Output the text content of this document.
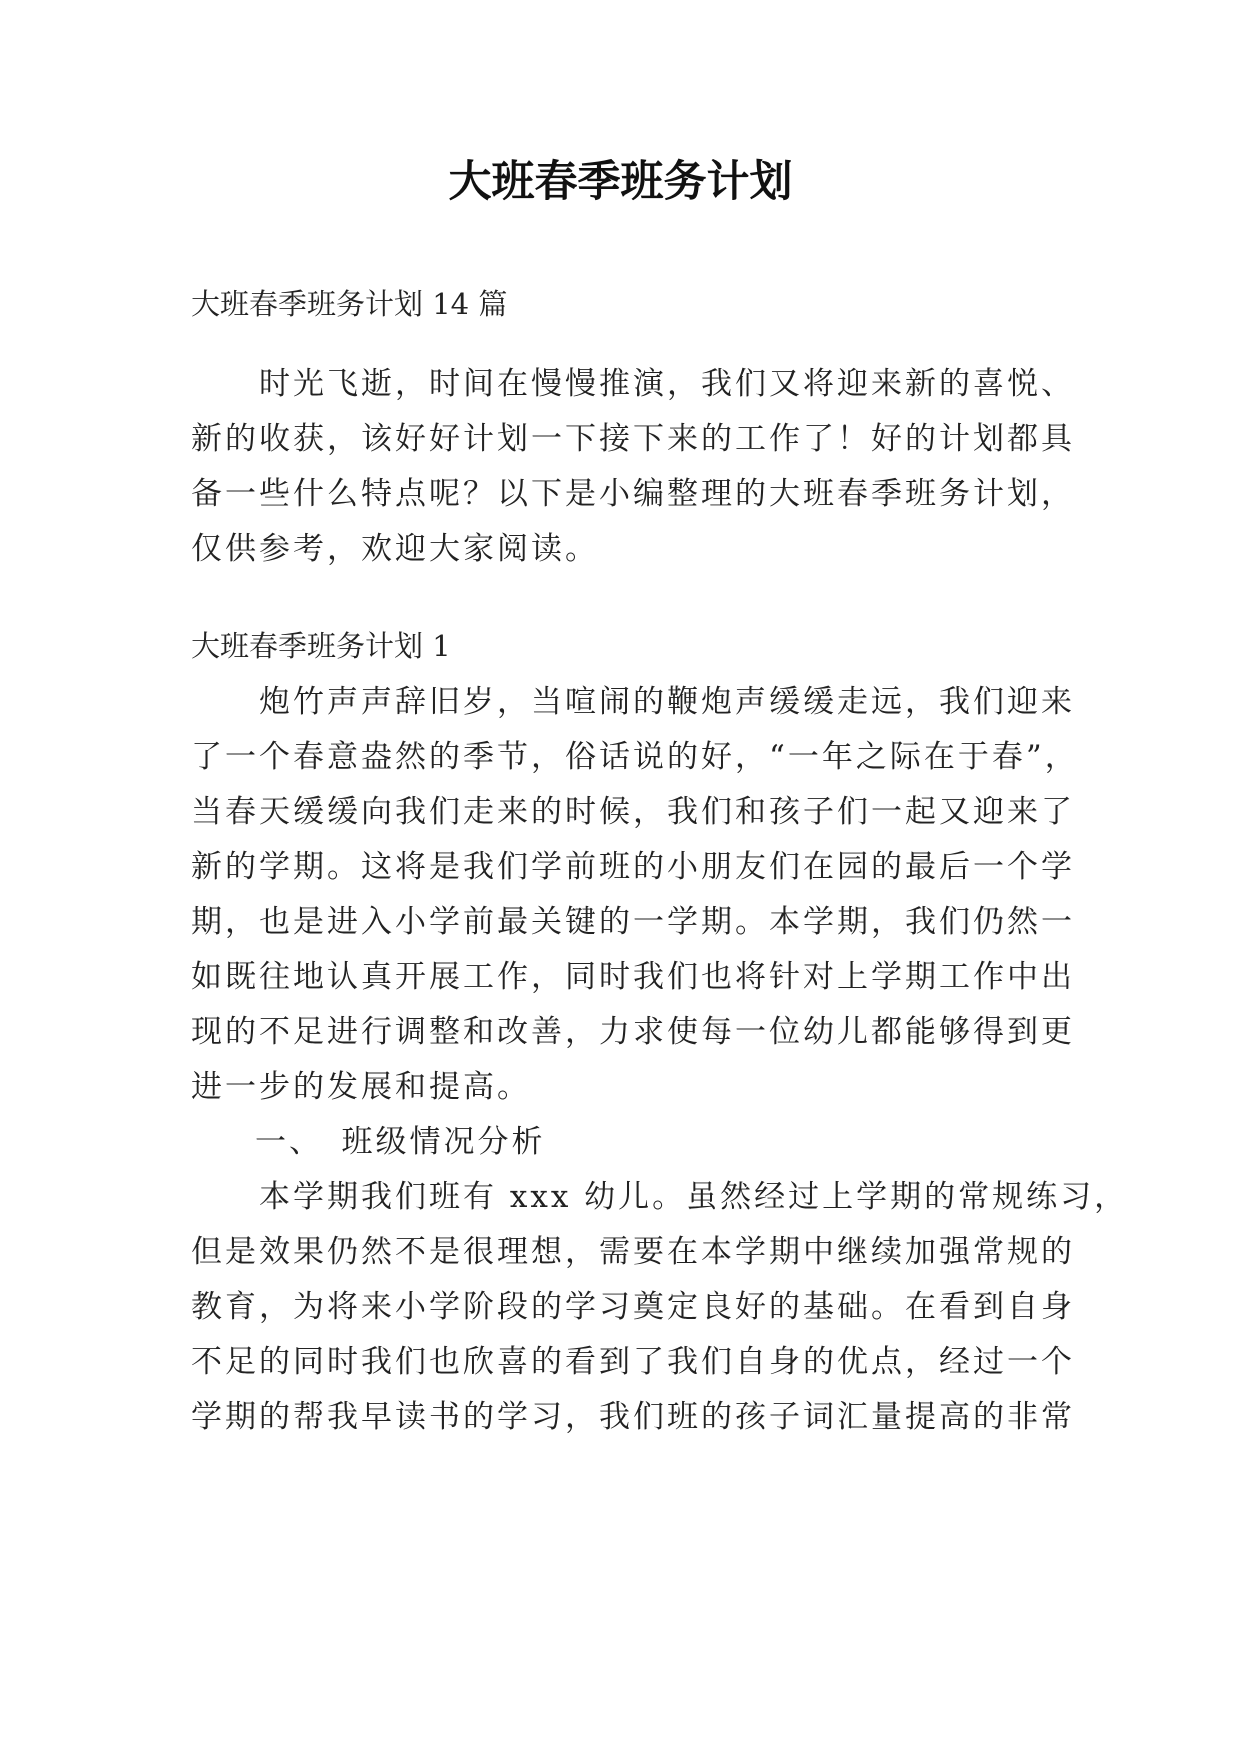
大班春季班务计划
大班春季班务计划 14 篇
　　时光飞逝，时间在慢慢推演，我们又将迎来新的喜悦、
新的收获，该好好计划一下接下来的工作了！好的计划都具
备一些什么特点呢？以下是小编整理的大班春季班务计划，
仅供参考，欢迎大家阅读。
大班春季班务计划 1
　　炮竹声声辞旧岁，当喧闹的鞭炮声缓缓走远，我们迎来
了一个春意盎然的季节，俗话说的好，“一年之际在于春”，
当春天缓缓向我们走来的时候，我们和孩子们一起又迎来了
新的学期。这将是我们学前班的小朋友们在园的最后一个学
期，也是进入小学前最关键的一学期。本学期，我们仍然一
如既往地认真开展工作，同时我们也将针对上学期工作中出
现的不足进行调整和改善，力求使每一位幼儿都能够得到更
进一步的发展和提高。
一、　班级情况分析
　　本学期我们班有 xxx 幼儿。虽然经过上学期的常规练习，
但是效果仍然不是很理想，需要在本学期中继续加强常规的
教育，为将来小学阶段的学习奠定良好的基础。在看到自身
不足的同时我们也欣喜的看到了我们自身的优点，经过一个
学期的帮我早读书的学习，我们班的孩子词汇量提高的非常
